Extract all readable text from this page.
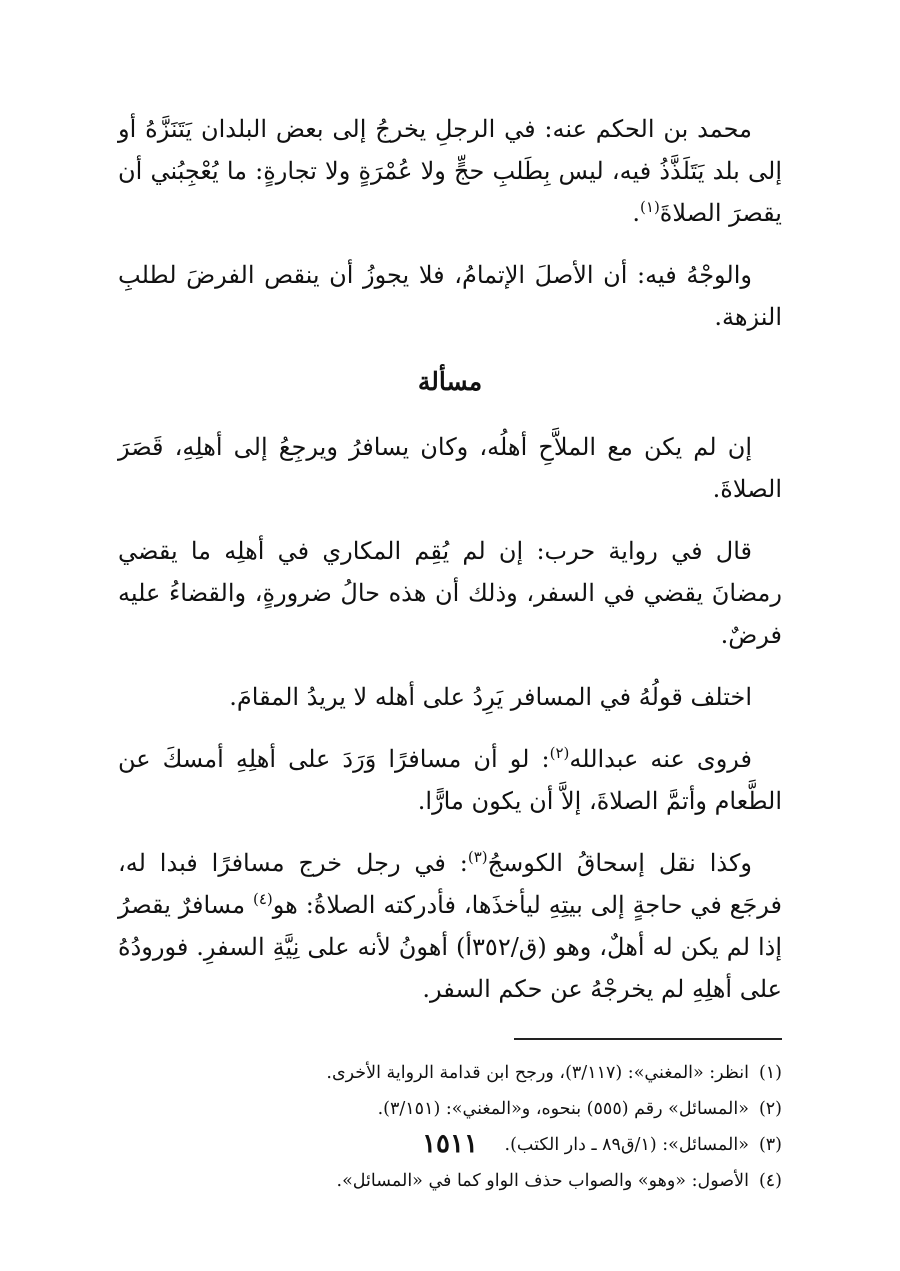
محمد بن الحكم عنه: في الرجلِ يخرجُ إلى بعض البلدان يَتَنَزَّهُ أو إلى بلد يَتَلَذَّذُ فيه، ليس بِطَلبِ حجٍّ ولا عُمْرَةٍ ولا تجارةٍ: ما يُعْجِبُني أن يقصرَ الصلاةَ$^{(١)}$.

والوجْهُ فيه: أن الأصلَ الإتمامُ، فلا يجوزُ أن ينقص الفرضَ لطلبِ النزهة.

مسألة

إن لم يكن مع الملاَّحِ أهلُه، وكان يسافرُ ويرجِعُ إلى أهلِهِ، قَصَرَ الصلاةَ.

قال في رواية حرب: إن لم يُقِم المكاري في أهلِه ما يقضي رمضانَ يقضي في السفر، وذلك أن هذه حالُ ضرورةٍ، والقضاءُ عليه فرضٌ.

اختلف قولُهُ في المسافر يَرِدُ على أهله لا يريدُ المقامَ.

فروى عنه عبدالله$^{(٢)}$: لو أن مسافرًا وَرَدَ على أهلِهِ أمسكَ عن الطَّعام وأتمَّ الصلاةَ، إلاَّ أن يكون مارًّا.

وكذا نقل إسحاقُ الكوسجُ$^{(٣)}$: في رجل خرج مسافرًا فبدا له، فرجَع في حاجةٍ إلى بيتِهِ ليأخذَها، فأدركته الصلاةُ: هو$^{(٤)}$ مسافرٌ يقصرُ إذا لم يكن له أهلٌ، وهو (ق/٣٥٢أ) أهونُ لأنه على نِيَّةِ السفرِ. فورودُهُ على أهلِهِ لم يخرجْهُ عن حكم السفر.

(١)انظر: «المغني»: (٣/١١٧)، ورجح ابن قدامة الرواية الأخرى.
(٢)«المسائل» رقم (٥٥٥) بنحوه، و«المغني»: (٣/١٥١).
(٣)«المسائل»: (١/ق٨٩ ـ دار الكتب).
(٤)الأصول: «وهو» والصواب حذف الواو كما في «المسائل».
١٥١١
